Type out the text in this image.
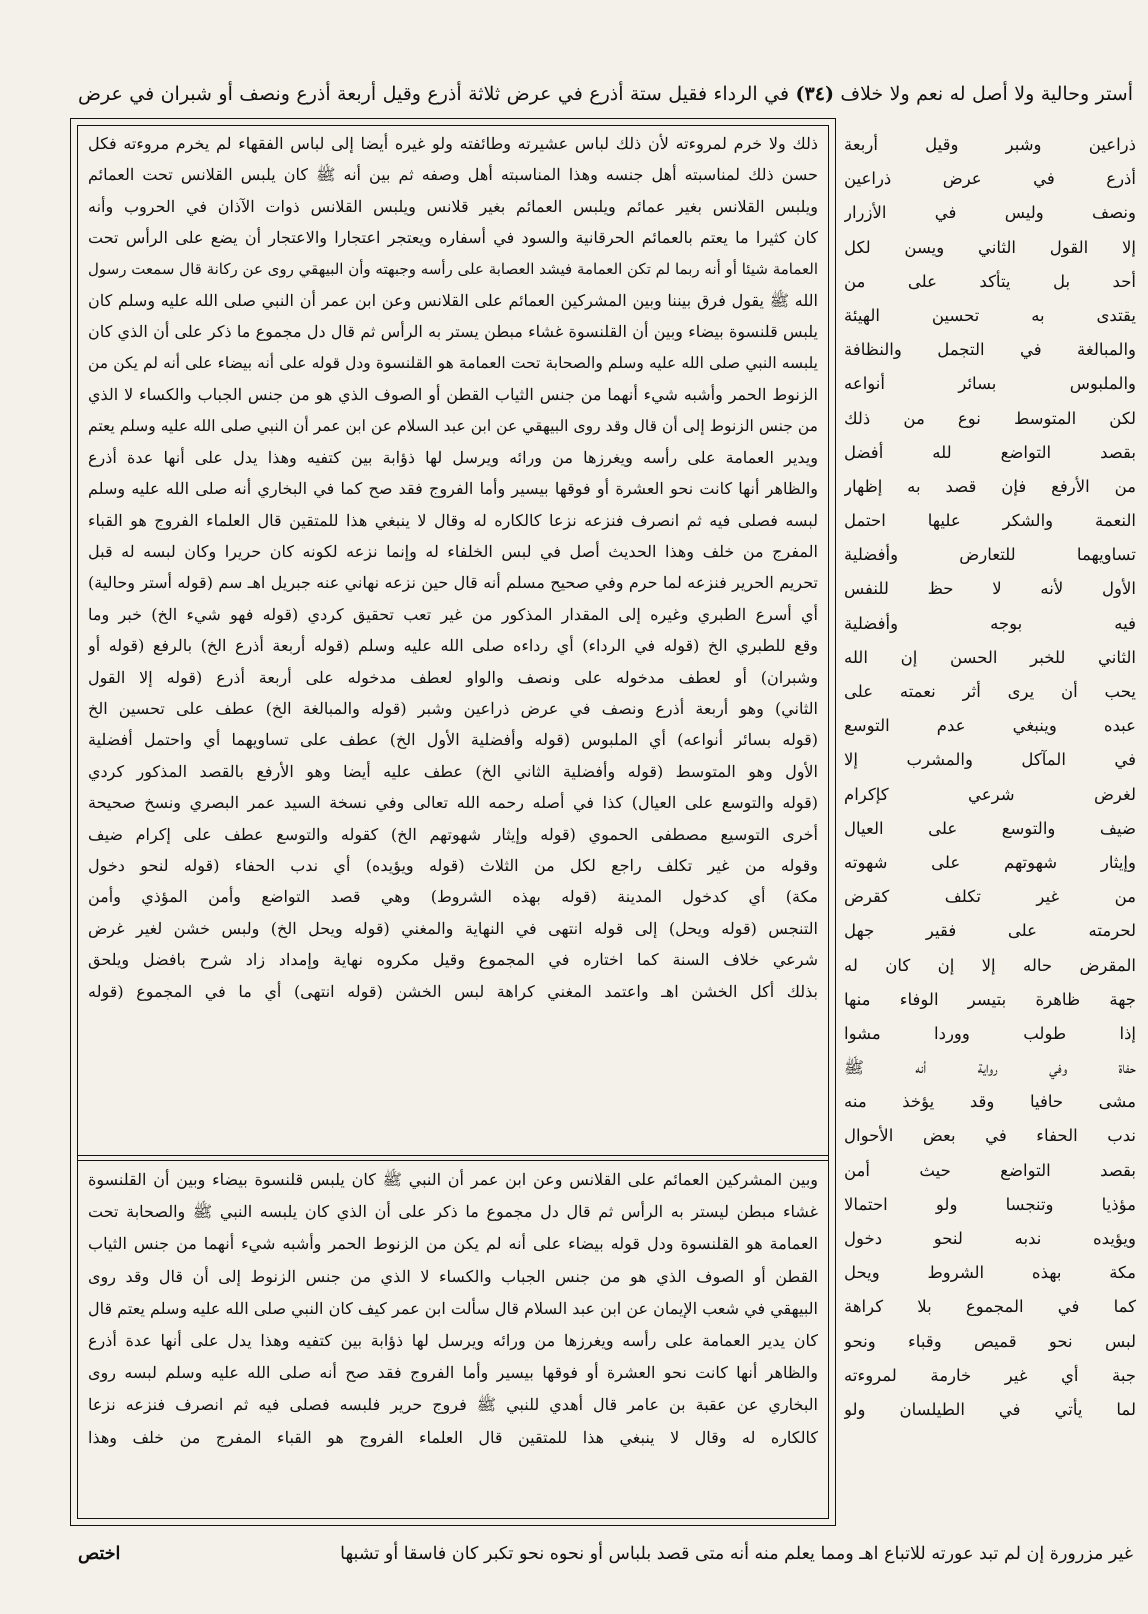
أستر وحالية ولا أصل له نعم ولا خلاف (٣٤) في الرداء فقيل ستة أذرع في عرض ثلاثة أذرع وقيل أربعة أذرع ونصف أو شبران في عرض
ذراعين وشبر وقيل أربعة
أذرع في عرض ذراعين
ونصف وليس في الأزرار
إلا القول الثاني ويسن لكل
أحد بل يتأكد على من
يقتدى به تحسين الهيئة
والمبالغة في التجمل والنظافة
والملبوس بسائر أنواعه
لكن المتوسط نوع من ذلك
بقصد التواضع لله أفضل
من الأرفع فإن قصد به إظهار
النعمة والشكر عليها احتمل
تساويهما للتعارض وأفضلية
الأول لأنه لا حظ للنفس
فيه بوجه وأفضلية
الثاني للخبر الحسن إن الله
يحب أن يرى أثر نعمته على
عبده وينبغي عدم التوسع
في المآكل والمشرب إلا
لغرض شرعي كإكرام
ضيف والتوسع على العيال
وإيثار شهوتهم على شهوته
من غير تكلف كقرض
لحرمته على فقير جهل
المقرض حاله إلا إن كان له
جهة ظاهرة بتيسر الوفاء منها
إذا طولب ووردا مشوا
حفاة وفي رواية أنه ﷺ
مشى حافيا وقد يؤخذ منه
ندب الحفاء في بعض الأحوال
بقصد التواضع حيث أمن
مؤذيا وتنجسا ولو احتمالا
ويؤيده ندبه لنحو دخول
مكة بهذه الشروط ويحل
كما في المجموع بلا كراهة
لبس نحو قميص وقباء ونحو
جبة أي غير خارمة لمروءته
لما يأتي في الطيلسان ولو
ذلك ولا خرم لمروءته لأن ذلك لباس عشيرته وطائفته ولو غيره أيضا إلى لباس الفقهاء لم يخرم مروءته فكل
حسن ذلك لمناسبته أهل جنسه وهذا المناسبته أهل وصفه ثم بين أنه ﷺ كان يلبس القلانس تحت العمائم
ويلبس القلانس بغير عمائم ويلبس العمائم بغير قلانس ويلبس القلانس ذوات الآذان في الحروب وأنه
كان كثيرا ما يعتم بالعمائم الحرقانية والسود في أسفاره ويعتجر اعتجارا والاعتجار أن يضع على الرأس تحت
العمامة شيئا أو أنه ربما لم تكن العمامة فيشد العصابة على رأسه وجبهته وأن البيهقي روى عن ركانة قال سمعت رسول
الله ﷺ يقول فرق بيننا وبين المشركين العمائم على القلانس وعن ابن عمر أن النبي صلى الله عليه وسلم كان
يلبس قلنسوة بيضاء وبين أن القلنسوة غشاء مبطن يستر به الرأس ثم قال دل مجموع ما ذكر على أن الذي كان
يلبسه النبي صلى الله عليه وسلم والصحابة تحت العمامة هو القلنسوة ودل قوله على أنه بيضاء على أنه لم يكن من
الزنوط الحمر وأشبه شيء أنهما من جنس الثياب القطن أو الصوف الذي هو من جنس الجباب والكساء لا الذي
من جنس الزنوط إلى أن قال وقد روى البيهقي عن ابن عبد السلام عن ابن عمر أن النبي صلى الله عليه وسلم يعتم
ويدير العمامة على رأسه ويغرزها من ورائه ويرسل لها ذؤابة بين كتفيه وهذا يدل على أنها عدة أذرع
والظاهر أنها كانت نحو العشرة أو فوقها بيسير وأما الفروج فقد صح كما في البخاري أنه صلى الله عليه وسلم
لبسه فصلى فيه ثم انصرف فنزعه نزعا كالكاره له وقال لا ينبغي هذا للمتقين قال العلماء الفروج هو القباء
المفرج من خلف وهذا الحديث أصل في لبس الخلفاء له وإنما نزعه لكونه كان حريرا وكان لبسه له قبل
تحريم الحرير فنزعه لما حرم وفي صحيح مسلم أنه قال حين نزعه نهاني عنه جبريل اهـ سم (قوله أستر وحالية)
أي أسرع الطبري وغيره إلى المقدار المذكور من غير تعب تحقيق كردي (قوله فهو شيء الخ) خبر وما
وقع للطبري الخ (قوله في الرداء) أي رداءه صلى الله عليه وسلم (قوله أربعة أذرع الخ) بالرفع (قوله أو
وشبران) أو لعطف مدخوله على ونصف والواو لعطف مدخوله على أربعة أذرع (قوله إلا القول
الثاني) وهو أربعة أذرع ونصف في عرض ذراعين وشبر (قوله والمبالغة الخ) عطف على تحسين الخ
(قوله بسائر أنواعه) أي الملبوس (قوله وأفضلية الأول الخ) عطف على تساويهما أي واحتمل أفضلية
الأول وهو المتوسط (قوله وأفضلية الثاني الخ) عطف عليه أيضا وهو الأرفع بالقصد المذكور كردي
(قوله والتوسع على العيال) كذا في أصله رحمه الله تعالى وفي نسخة السيد عمر البصري ونسخ صحيحة
أخرى التوسيع مصطفى الحموي (قوله وإيثار شهوتهم الخ) كقوله والتوسع عطف على إكرام ضيف
وقوله من غير تكلف راجع لكل من الثلاث (قوله ويؤيده) أي ندب الحفاء (قوله لنحو دخول
مكة) أي كدخول المدينة (قوله بهذه الشروط) وهي قصد التواضع وأمن المؤذي وأمن
التنجس (قوله ويحل) إلى قوله انتهى في النهاية والمغني (قوله ويحل الخ) ولبس خشن لغير غرض
شرعي خلاف السنة كما اختاره في المجموع وقيل مكروه نهاية وإمداد زاد شرح بافضل ويلحق
بذلك أكل الخشن اهـ واعتمد المغني كراهة لبس الخشن (قوله انتهى) أي ما في المجموع (قوله
وبين المشركين العمائم على القلانس وعن ابن عمر أن النبي ﷺ كان يلبس قلنسوة بيضاء وبين أن القلنسوة
غشاء مبطن ليستر به الرأس ثم قال دل مجموع ما ذكر على أن الذي كان يلبسه النبي ﷺ والصحابة تحت
العمامة هو القلنسوة ودل قوله بيضاء على أنه لم يكن من الزنوط الحمر وأشبه شيء أنهما من جنس الثياب
القطن أو الصوف الذي هو من جنس الجباب والكساء لا الذي من جنس الزنوط إلى أن قال وقد روى
البيهقي في شعب الإيمان عن ابن عبد السلام قال سألت ابن عمر كيف كان النبي صلى الله عليه وسلم يعتم قال
كان يدير العمامة على رأسه ويغرزها من ورائه ويرسل لها ذؤابة بين كتفيه وهذا يدل على أنها عدة أذرع
والظاهر أنها كانت نحو العشرة أو فوقها بيسير وأما الفروج فقد صح أنه صلى الله عليه وسلم لبسه روى
البخاري عن عقبة بن عامر قال أهدي للنبي ﷺ فروج حرير فلبسه فصلى فيه ثم انصرف فنزعه نزعا
كالكاره له وقال لا ينبغي هذا للمتقين قال العلماء الفروج هو القباء المفرج من خلف وهذا
غير مزرورة إن لم تبد عورته للاتباع اهـ ومما يعلم منه أنه متى قصد بلباس أو نحوه نحو تكبر كان فاسقا أو تشبها
اختص
